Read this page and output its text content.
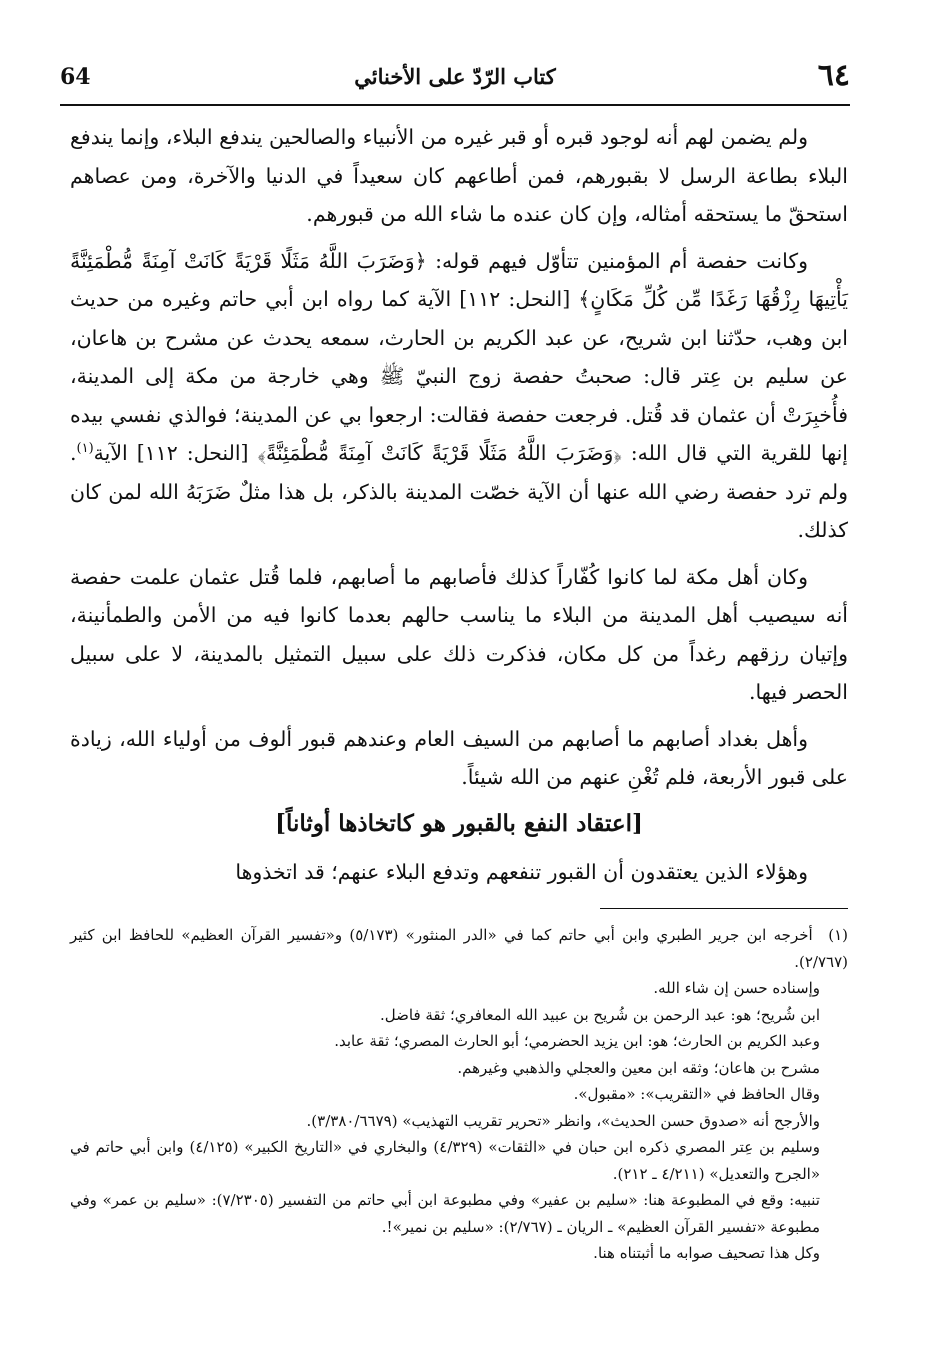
٦٤
كتاب الرّدّ على الأخنائي
64

ولم يضمن لهم أنه لوجود قبره أو قبر غيره من الأنبياء والصالحين يندفع البلاء، وإنما يندفع البلاء بطاعة الرسل لا بقبورهم، فمن أطاعهم كان سعيداً في الدنيا والآخرة، ومن عصاهم استحقّ ما يستحقه أمثاله، وإن كان عنده ما شاء الله من قبورهم.

وكانت حفصة أم المؤمنين تتأوّل فيهم قوله: ﴿وَضَرَبَ اللَّهُ مَثَلًا قَرْيَةً كَانَتْ آمِنَةً مُّطْمَئِنَّةً يَأْتِيهَا رِزْقُهَا رَغَدًا مِّن كُلِّ مَكَانٍ﴾ [النحل: ١١٢] الآية كما رواه ابن أبي حاتم وغيره من حديث ابن وهب، حدّثنا ابن شريح، عن عبد الكريم بن الحارث، سمعه يحدث عن مشرح بن هاعان، عن سليم بن عِتر قال: صحبتُ حفصة زوج النبيّ ﷺ وهي خارجة من مكة إلى المدينة، فأُخبِرَتْ أن عثمان قد قُتل. فرجعت حفصة فقالت: ارجعوا بي عن المدينة؛ فوالذي نفسي بيده إنها للقرية التي قال الله: ﴿وَضَرَبَ اللَّهُ مَثَلًا قَرْيَةً كَانَتْ آمِنَةً مُّطْمَئِنَّةً﴾ [النحل: ١١٢] الآية$^{(١)}$. ولم ترد حفصة رضي الله عنها أن الآية خصّت المدينة بالذكر، بل هذا مثلٌ ضَرَبَهُ الله لمن كان كذلك.

وكان أهل مكة لما كانوا كُفّاراً كذلك فأصابهم ما أصابهم، فلما قُتل عثمان علمت حفصة أنه سيصيب أهل المدينة من البلاء ما يناسب حالهم بعدما كانوا فيه من الأمن والطمأنينة، وإتيان رزقهم رغداً من كل مكان، فذكرت ذلك على سبيل التمثيل بالمدينة، لا على سبيل الحصر فيها.

وأهل بغداد أصابهم ما أصابهم من السيف العام وعندهم قبور ألوف من أولياء الله، زيادة على قبور الأربعة، فلم تُغْنِ عنهم من الله شيئاً.

[اعتقاد النفع بالقبور هو كاتخاذها أوثاناً]

وهؤلاء الذين يعتقدون أن القبور تنفعهم وتدفع البلاء عنهم؛ قد اتخذوها

(١) أخرجه ابن جرير الطبري وابن أبي حاتم كما في «الدر المنثور» (٥/١٧٣) و«تفسير القرآن العظيم» للحافظ ابن كثير (٢/٧٦٧).
وإسناده حسن إن شاء الله.
ابن شُريح؛ هو: عبد الرحمن بن شُريح بن عبيد الله المعافري؛ ثقة فاضل.
وعبد الكريم بن الحارث؛ هو: ابن يزيد الحضرمي؛ أبو الحارث المصري؛ ثقة عابد.
مشرح بن هاعان؛ وثقه ابن معين والعجلي والذهبي وغيرهم.
وقال الحافظ في «التقريب»: «مقبول».
والأرجح أنه «صدوق حسن الحديث»، وانظر «تحرير تقريب التهذيب» (٣/٣٨٠/٦٦٧٩).
وسليم بن عِتر المصري ذكره ابن حبان في «الثقات» (٤/٣٢٩) والبخاري في «التاريخ الكبير» (٤/١٢٥) وابن أبي حاتم في «الجرح والتعديل» (٤/٢١١ ـ ٢١٢).
تنبيه: وقع في المطبوعة هنا: «سليم بن عفير» وفي مطبوعة ابن أبي حاتم من التفسير (٧/٢٣٠٥): «سليم بن عمر» وفي مطبوعة «تفسير القرآن العظيم» ـ الريان ـ (٢/٧٦٧): «سليم بن نمير»!.
وكل هذا تصحيف صوابه ما أثبتناه هنا.
